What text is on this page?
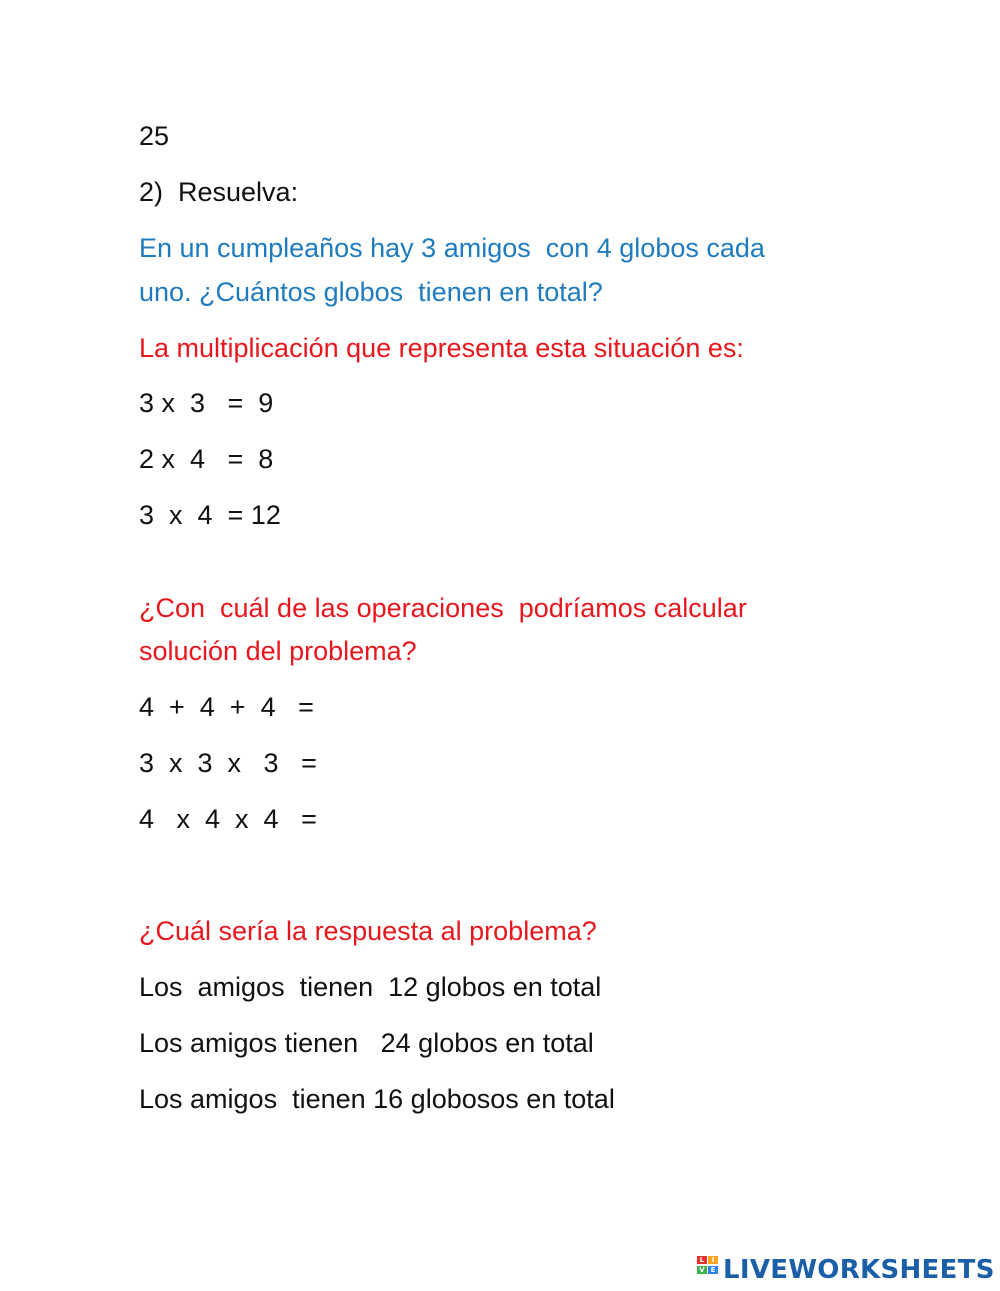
25
2)  Resuelva:
En un cumpleaños hay 3 amigos  con 4 globos cada
uno. ¿Cuántos globos  tienen en total?
La multiplicación que representa esta situación es:
3 x  3   =  9
2 x  4   =  8
3  x  4  = 12
¿Con  cuál de las operaciones  podríamos calcular
solución del problema?
4  +  4  +  4   =
3  x  3  x   3   =
4   x  4  x  4   =
¿Cuál sería la respuesta al problema?
Los  amigos  tienen  12 globos en total
Los amigos tienen   24 globos en total
Los amigos  tienen 16 globosos en total
L	I
V E LIVEWORKSHEETS
